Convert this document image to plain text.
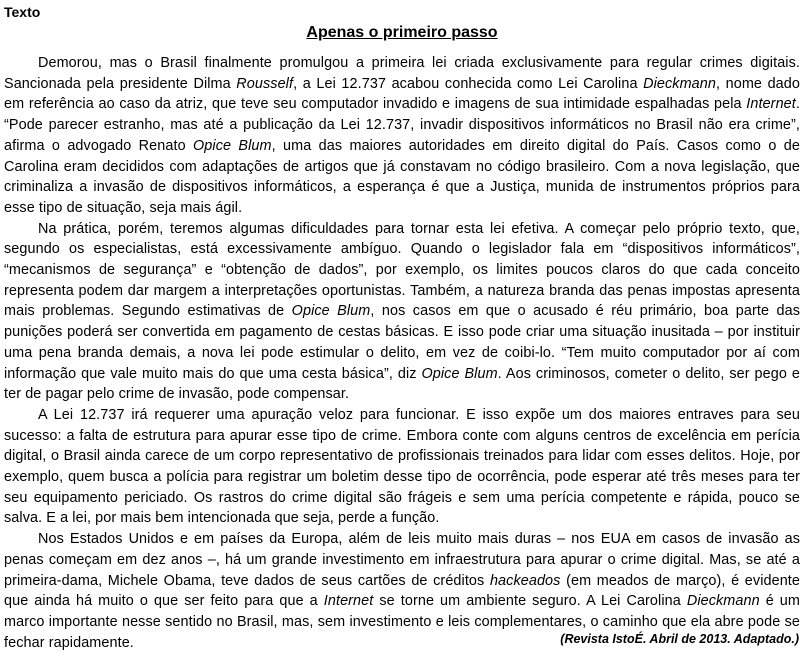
Texto
Apenas o primeiro passo

Demorou, mas o Brasil finalmente promulgou a primeira lei criada exclusivamente para regular crimes digitais. Sancionada pela presidente Dilma Rousself, a Lei 12.737 acabou conhecida como Lei Carolina Dieckmann, nome dado em referência ao caso da atriz, que teve seu computador invadido e imagens de sua intimidade espalhadas pela Internet. “Pode parecer estranho, mas até a publicação da Lei 12.737, invadir dispositivos informáticos no Brasil não era crime”, afirma o advogado Renato Opice Blum, uma das maiores autoridades em direito digital do País. Casos como o de Carolina eram decididos com adaptações de artigos que já constavam no código brasileiro. Com a nova legislação, que criminaliza a invasão de dispositivos informáticos, a esperança é que a Justiça, munida de instrumentos próprios para esse tipo de situação, seja mais ágil.

Na prática, porém, teremos algumas dificuldades para tornar esta lei efetiva. A começar pelo próprio texto, que, segundo os especialistas, está excessivamente ambíguo. Quando o legislador fala em “dispositivos informáticos”, “mecanismos de segurança” e “obtenção de dados”, por exemplo, os limites poucos claros do que cada conceito representa podem dar margem a interpretações oportunistas. Também, a natureza branda das penas impostas apresenta mais problemas. Segundo estimativas de Opice Blum, nos casos em que o acusado é réu primário, boa parte das punições poderá ser convertida em pagamento de cestas básicas. E isso pode criar uma situação inusitada – por instituir uma pena branda demais, a nova lei pode estimular o delito, em vez de coibi-lo. “Tem muito computador por aí com informação que vale muito mais do que uma cesta básica”, diz Opice Blum. Aos criminosos, cometer o delito, ser pego e ter de pagar pelo crime de invasão, pode compensar.

A Lei 12.737 irá requerer uma apuração veloz para funcionar. E isso expõe um dos maiores entraves para seu sucesso: a falta de estrutura para apurar esse tipo de crime. Embora conte com alguns centros de excelência em perícia digital, o Brasil ainda carece de um corpo representativo de profissionais treinados para lidar com esses delitos. Hoje, por exemplo, quem busca a polícia para registrar um boletim desse tipo de ocorrência, pode esperar até três meses para ter seu equipamento periciado. Os rastros do crime digital são frágeis e sem uma perícia competente e rápida, pouco se salva. E a lei, por mais bem intencionada que seja, perde a função.

Nos Estados Unidos e em países da Europa, além de leis muito mais duras – nos EUA em casos de invasão as penas começam em dez anos –, há um grande investimento em infraestrutura para apurar o crime digital. Mas, se até a primeira-dama, Michele Obama, teve dados de seus cartões de créditos hackeados (em meados de março), é evidente que ainda há muito o que ser feito para que a Internet se torne um ambiente seguro. A Lei Carolina Dieckmann é um marco importante nesse sentido no Brasil, mas, sem investimento e leis complementares, o caminho que ela abre pode se fechar rapidamente.	(Revista IstoÉ. Abril de 2013. Adaptado.)
